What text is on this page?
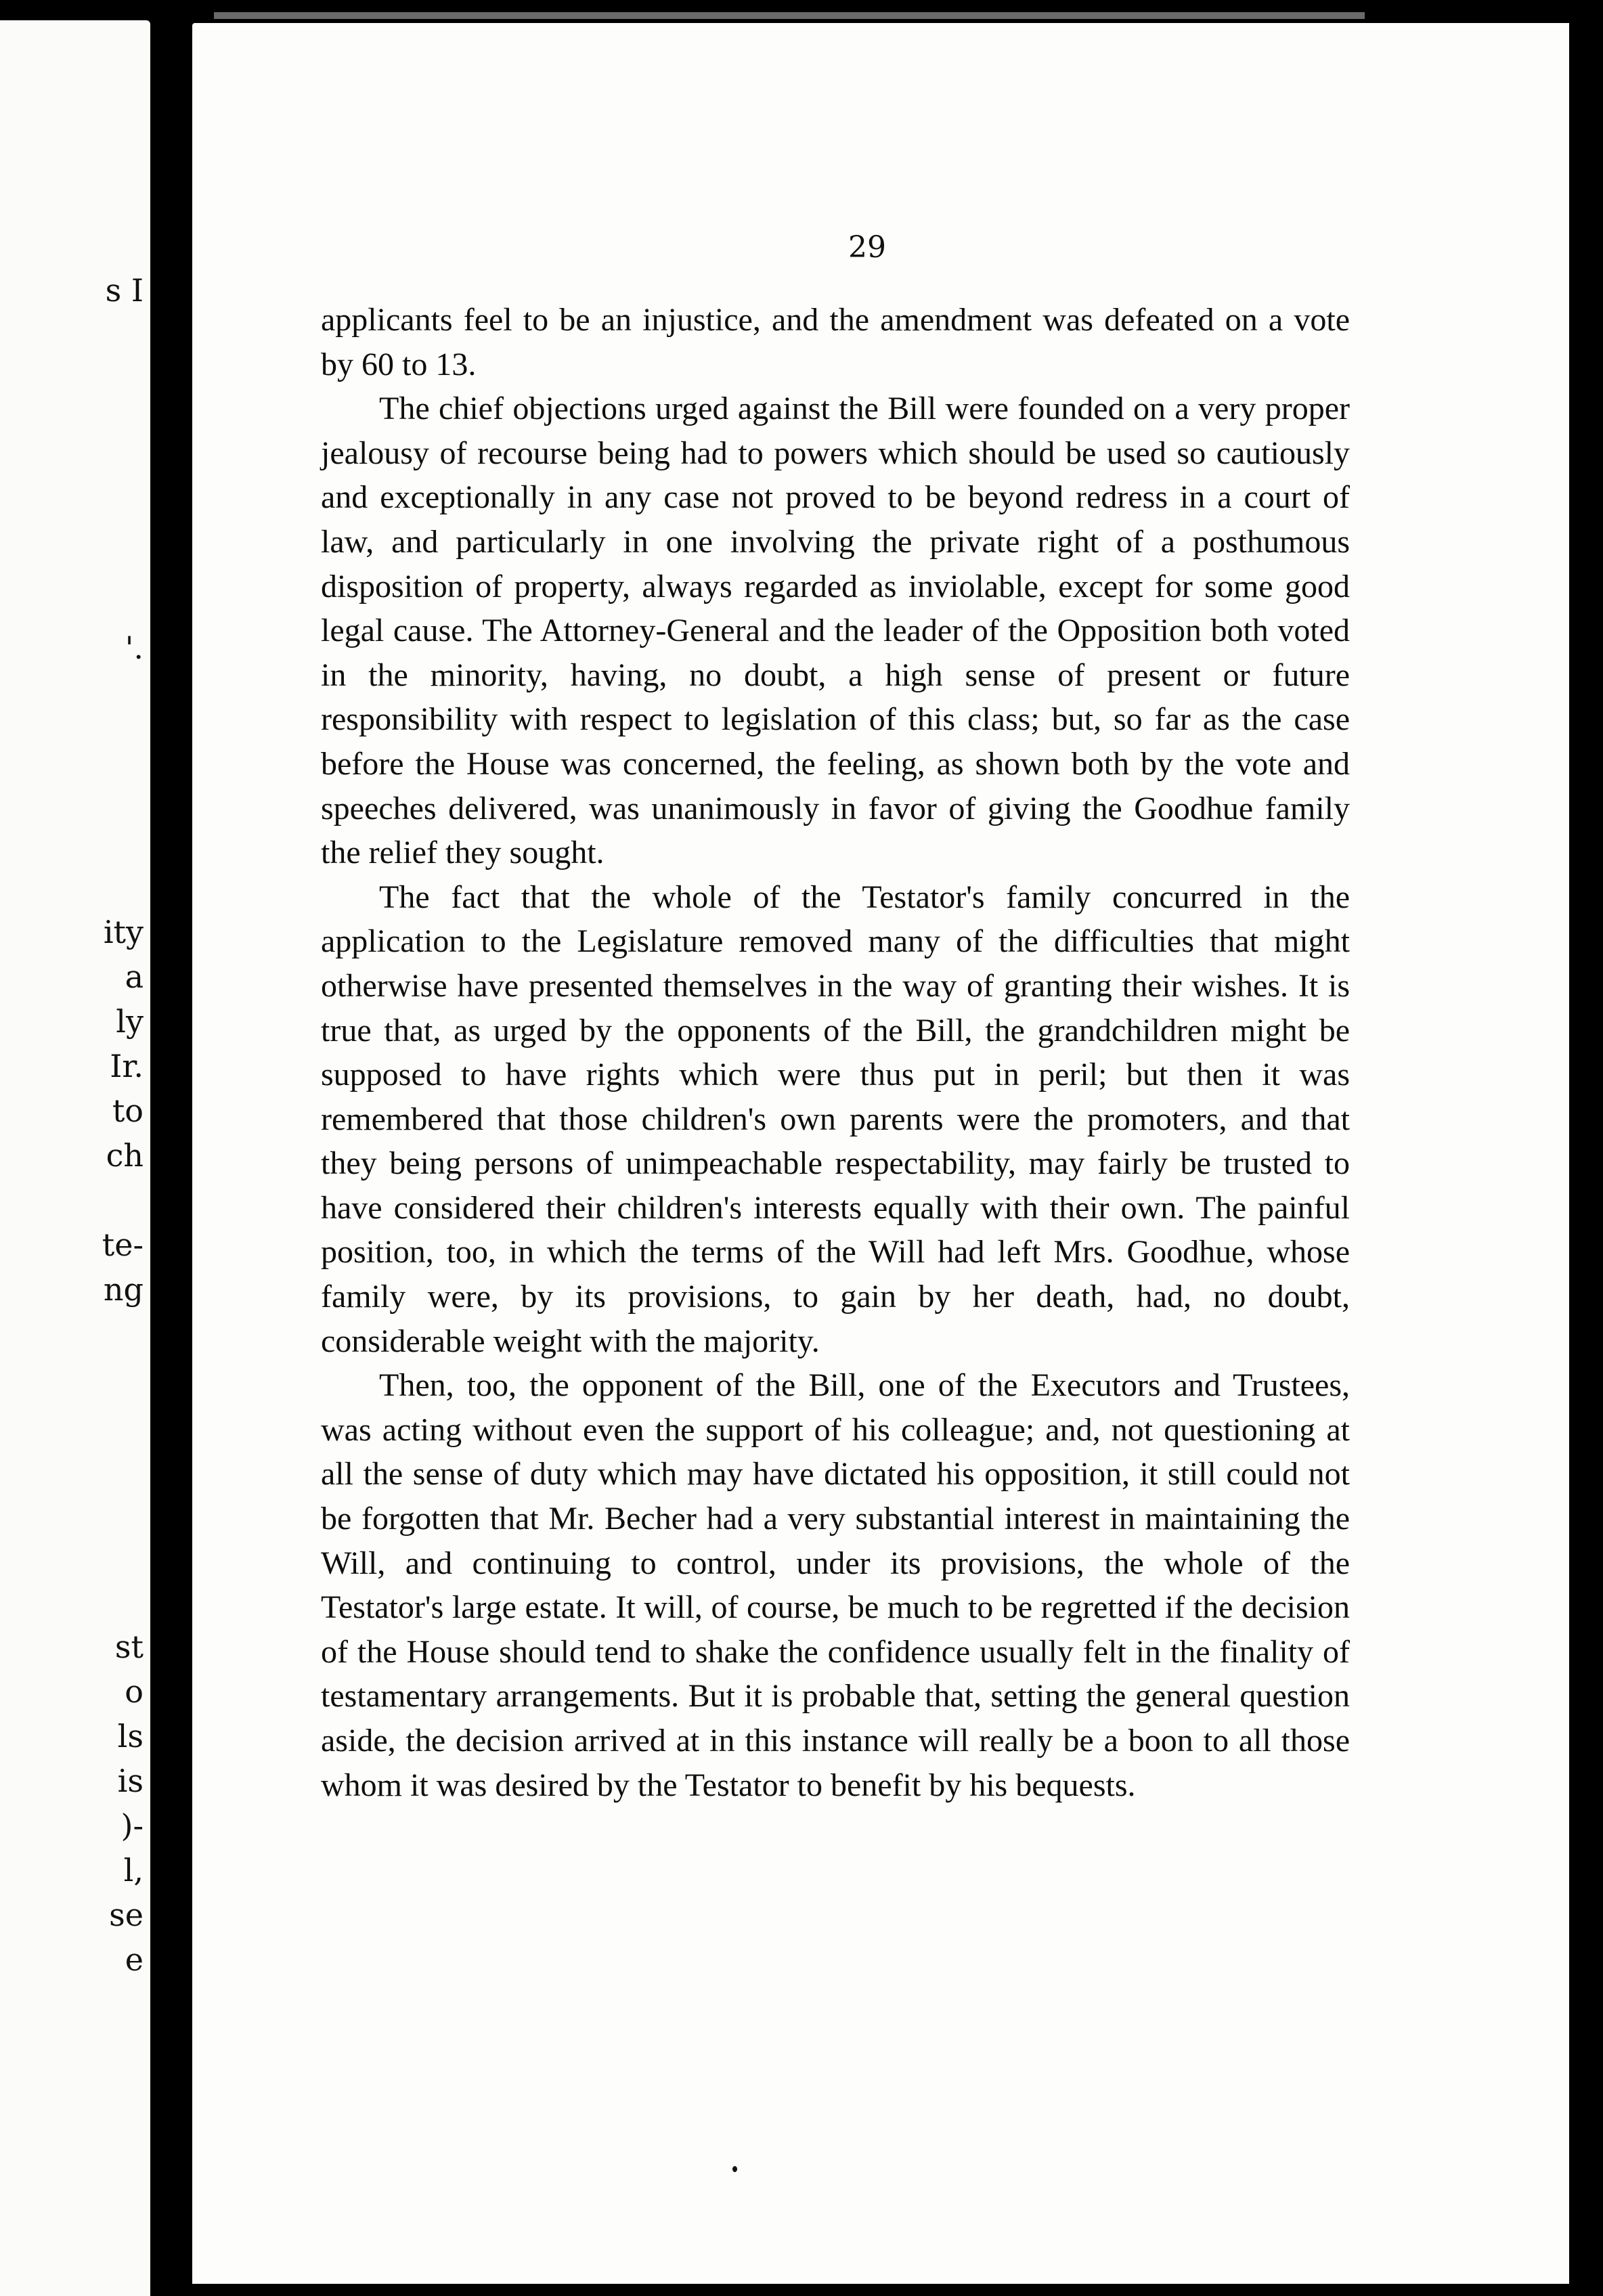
s I
'.
ity
a
ly
Ir.
to
ch
te-
ng
st
o
ls
is
)-
l,
se
e
29

applicants feel to be an injustice, and the amendment was defeated on a vote by 60 to 13.

The chief objections urged against the Bill were founded on a very proper jealousy of recourse being had to powers which should be used so cautiously and exceptionally in any case not proved to be beyond redress in a court of law, and particularly in one involving the private right of a posthumous disposition of property, always regarded as inviolable, except for some good legal cause. The Attorney-General and the leader of the Opposition both voted in the minority, having, no doubt, a high sense of present or future responsibility with respect to legislation of this class; but, so far as the case before the House was concerned, the feeling, as shown both by the vote and speeches delivered, was unanimously in favor of giving the Goodhue family the relief they sought.

The fact that the whole of the Testator's family concurred in the application to the Legislature removed many of the difficulties that might otherwise have presented themselves in the way of granting their wishes. It is true that, as urged by the opponents of the Bill, the grandchildren might be supposed to have rights which were thus put in peril; but then it was remembered that those children's own parents were the promoters, and that they being persons of unimpeachable respectability, may fairly be trusted to have considered their children's interests equally with their own. The painful position, too, in which the terms of the Will had left Mrs. Goodhue, whose family were, by its provisions, to gain by her death, had, no doubt, considerable weight with the majority.

Then, too, the opponent of the Bill, one of the Executors and Trustees, was acting without even the support of his colleague; and, not questioning at all the sense of duty which may have dictated his opposition, it still could not be forgotten that Mr. Becher had a very substantial interest in maintaining the Will, and continuing to control, under its provisions, the whole of the Testator's large estate. It will, of course, be much to be regretted if the decision of the House should tend to shake the confidence usually felt in the finality of testamentary arrangements. But it is probable that, setting the general question aside, the decision arrived at in this instance will really be a boon to all those whom it was desired by the Testator to benefit by his bequests.
